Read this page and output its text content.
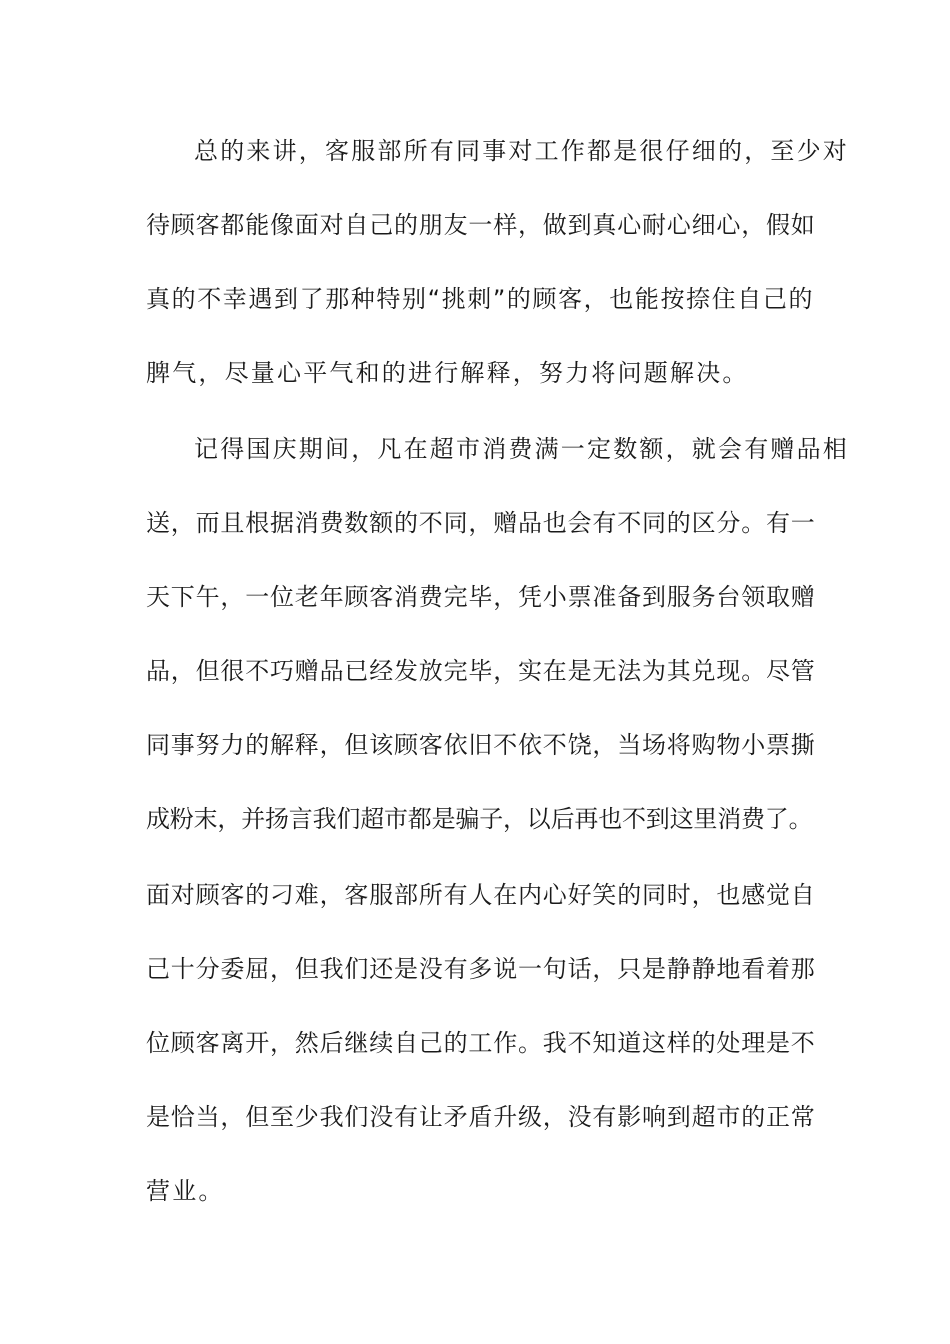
总的来讲，客服部所有同事对工作都是很仔细的，至少对

待顾客都能像面对自己的朋友一样，做到真心耐心细心，假如

真的不幸遇到了那种特别“挑刺”的顾客，也能按捺住自己的

脾气，尽量心平气和的进行解释，努力将问题解决。

记得国庆期间，凡在超市消费满一定数额，就会有赠品相

送，而且根据消费数额的不同，赠品也会有不同的区分。有一

天下午，一位老年顾客消费完毕，凭小票准备到服务台领取赠

品，但很不巧赠品已经发放完毕，实在是无法为其兑现。尽管

同事努力的解释，但该顾客依旧不依不饶，当场将购物小票撕

成粉末，并扬言我们超市都是骗子，以后再也不到这里消费了。

面对顾客的刁难，客服部所有人在内心好笑的同时，也感觉自

己十分委屈，但我们还是没有多说一句话，只是静静地看着那

位顾客离开，然后继续自己的工作。我不知道这样的处理是不

是恰当，但至少我们没有让矛盾升级，没有影响到超市的正常

营业。
